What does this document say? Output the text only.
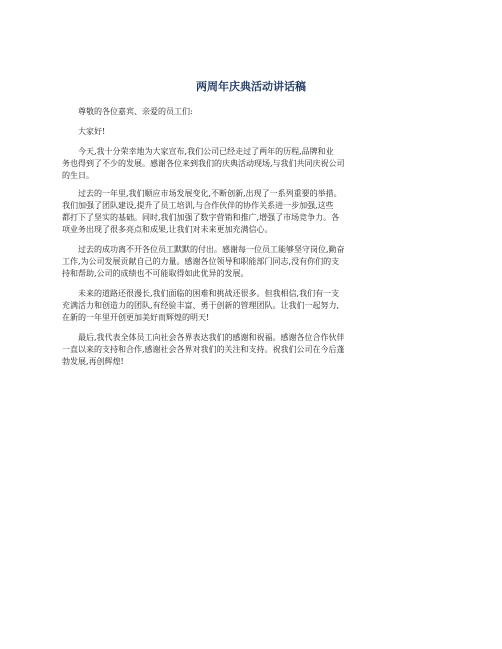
两周年庆典活动讲话稿
尊敬的各位嘉宾、亲爱的员工们:
大家好!
今天,我十分荣幸地为大家宣布,我们公司已经走过了两年的历程,品牌和业
务也得到了不少的发展。感谢各位来到我们的庆典活动现场,与我们共同庆祝公司
的生日。
过去的一年里,我们顺应市场发展变化,不断创新,出现了一系列重要的举措。
我们加强了团队建设,提升了员工培训,与合作伙伴的协作关系进一步加强,这些
都打下了坚实的基础。同时,我们加强了数字营销和推广,增强了市场竞争力。各
项业务出现了很多亮点和成果,让我们对未来更加充满信心。
过去的成功离不开各位员工默默的付出。感谢每一位员工能够坚守岗位,勤奋
工作,为公司发展贡献自己的力量。感谢各位领导和职能部门同志,没有你们的支
持和帮助,公司的成绩也不可能取得如此优异的发展。
未来的道路还很漫长,我们面临的困难和挑战还很多。但我相信,我们有一支
充满活力和创造力的团队,有经验丰富、勇于创新的管理团队。让我们一起努力,
在新的一年里开创更加美好而辉煌的明天!
最后,我代表全体员工向社会各界表达我们的感谢和祝福。感谢各位合作伙伴
一直以来的支持和合作,感谢社会各界对我们的关注和支持。祝我们公司在今后蓬
勃发展,再创辉煌!
